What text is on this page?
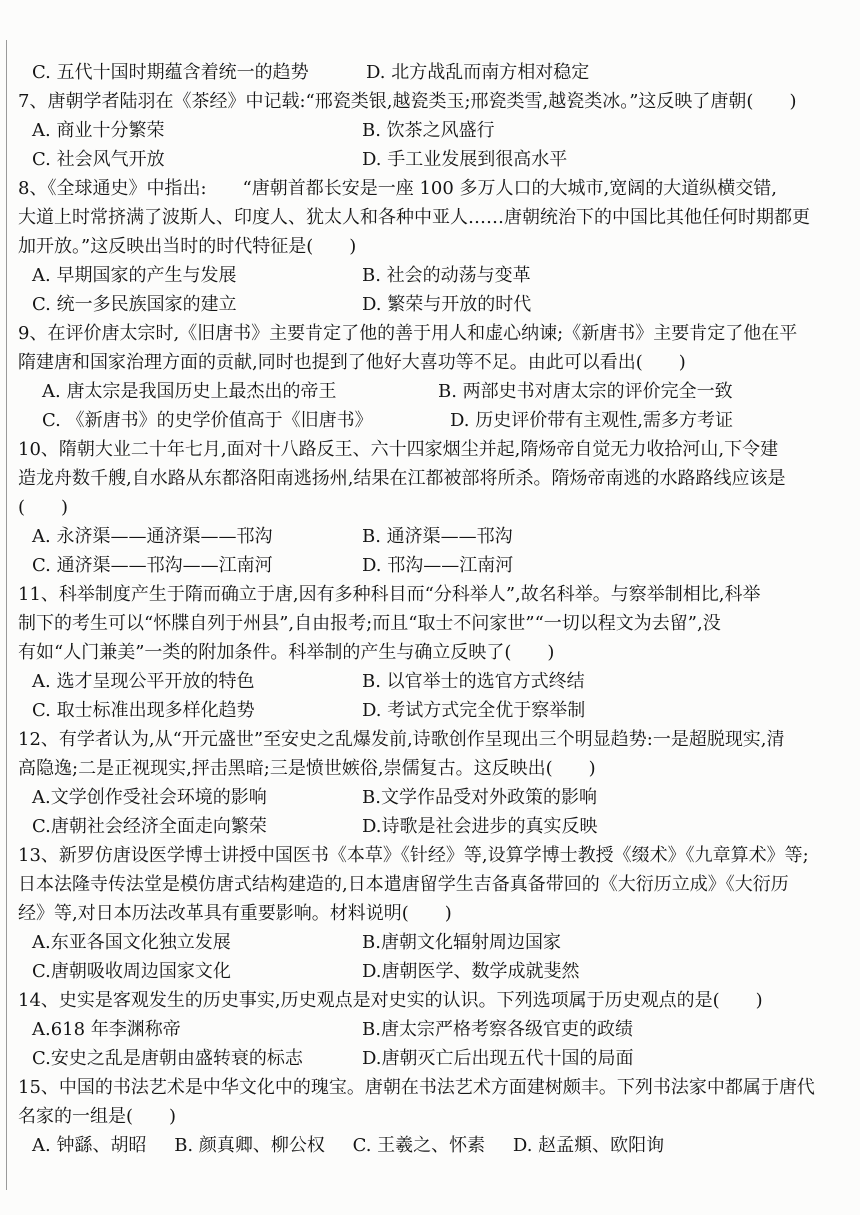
C. 五代十国时期蕴含着统一的趋势	D. 北方战乱而南方相对稳定
7、唐朝学者陆羽在《茶经》中记载:“邢瓷类银,越瓷类玉;邢瓷类雪,越瓷类冰。”这反映了唐朝(　　)
A. 商业十分繁荣	B. 饮茶之风盛行
C. 社会风气开放	D. 手工业发展到很高水平
8、《全球通史》中指出:　　“唐朝首都长安是一座 100 多万人口的大城市,宽阔的大道纵横交错,
大道上时常挤满了波斯人、印度人、犹太人和各种中亚人……唐朝统治下的中国比其他任何时期都更
加开放。”这反映出当时的时代特征是(　　)
A. 早期国家的产生与发展	B. 社会的动荡与变革
C. 统一多民族国家的建立	D. 繁荣与开放的时代
9、在评价唐太宗时,《旧唐书》主要肯定了他的善于用人和虚心纳谏;《新唐书》主要肯定了他在平
隋建唐和国家治理方面的贡献,同时也提到了他好大喜功等不足。由此可以看出(　　)
A. 唐太宗是我国历史上最杰出的帝王	B. 两部史书对唐太宗的评价完全一致
C. 《新唐书》的史学价值高于《旧唐书》	D. 历史评价带有主观性,需多方考证
10、隋朝大业二十年七月,面对十八路反王、六十四家烟尘并起,隋炀帝自觉无力收拾河山,下令建
造龙舟数千艘,自水路从东都洛阳南逃扬州,结果在江都被部将所杀。隋炀帝南逃的水路路线应该是
(　　)
A. 永济渠——通济渠——邗沟	B. 通济渠——邗沟
C. 通济渠——邗沟——江南河	D. 邗沟——江南河
11、科举制度产生于隋而确立于唐,因有多种科目而“分科举人”,故名科举。与察举制相比,科举
制下的考生可以“怀牒自列于州县”,自由报考;而且“取士不问家世”“一切以程文为去留”,没
有如“人门兼美”一类的附加条件。科举制的产生与确立反映了(　　)
A. 选才呈现公平开放的特色	B. 以官举士的选官方式终结
C. 取士标准出现多样化趋势	D. 考试方式完全优于察举制
12、有学者认为,从“开元盛世”至安史之乱爆发前,诗歌创作呈现出三个明显趋势:一是超脱现实,清
高隐逸;二是正视现实,抨击黑暗;三是愤世嫉俗,崇儒复古。这反映出(　　)
A.文学创作受社会环境的影响	B.文学作品受对外政策的影响
C.唐朝社会经济全面走向繁荣	D.诗歌是社会进步的真实反映
13、新罗仿唐设医学博士讲授中国医书《本草》《针经》等,设算学博士教授《缀术》《九章算术》等;
日本法隆寺传法堂是模仿唐式结构建造的,日本遣唐留学生吉备真备带回的《大衍历立成》《大衍历
经》等,对日本历法改革具有重要影响。材料说明(　　)
A.东亚各国文化独立发展	B.唐朝文化辐射周边国家
C.唐朝吸收周边国家文化	D.唐朝医学、数学成就斐然
14、史实是客观发生的历史事实,历史观点是对史实的认识。下列选项属于历史观点的是(　　)
A.618 年李渊称帝	B.唐太宗严格考察各级官吏的政绩
C.安史之乱是唐朝由盛转衰的标志	D.唐朝灭亡后出现五代十国的局面
15、中国的书法艺术是中华文化中的瑰宝。唐朝在书法艺术方面建树颇丰。下列书法家中都属于唐代
名家的一组是(　　)
A. 钟繇、胡昭 B. 颜真卿、柳公权 C. 王羲之、怀素 D. 赵孟頫、欧阳询
